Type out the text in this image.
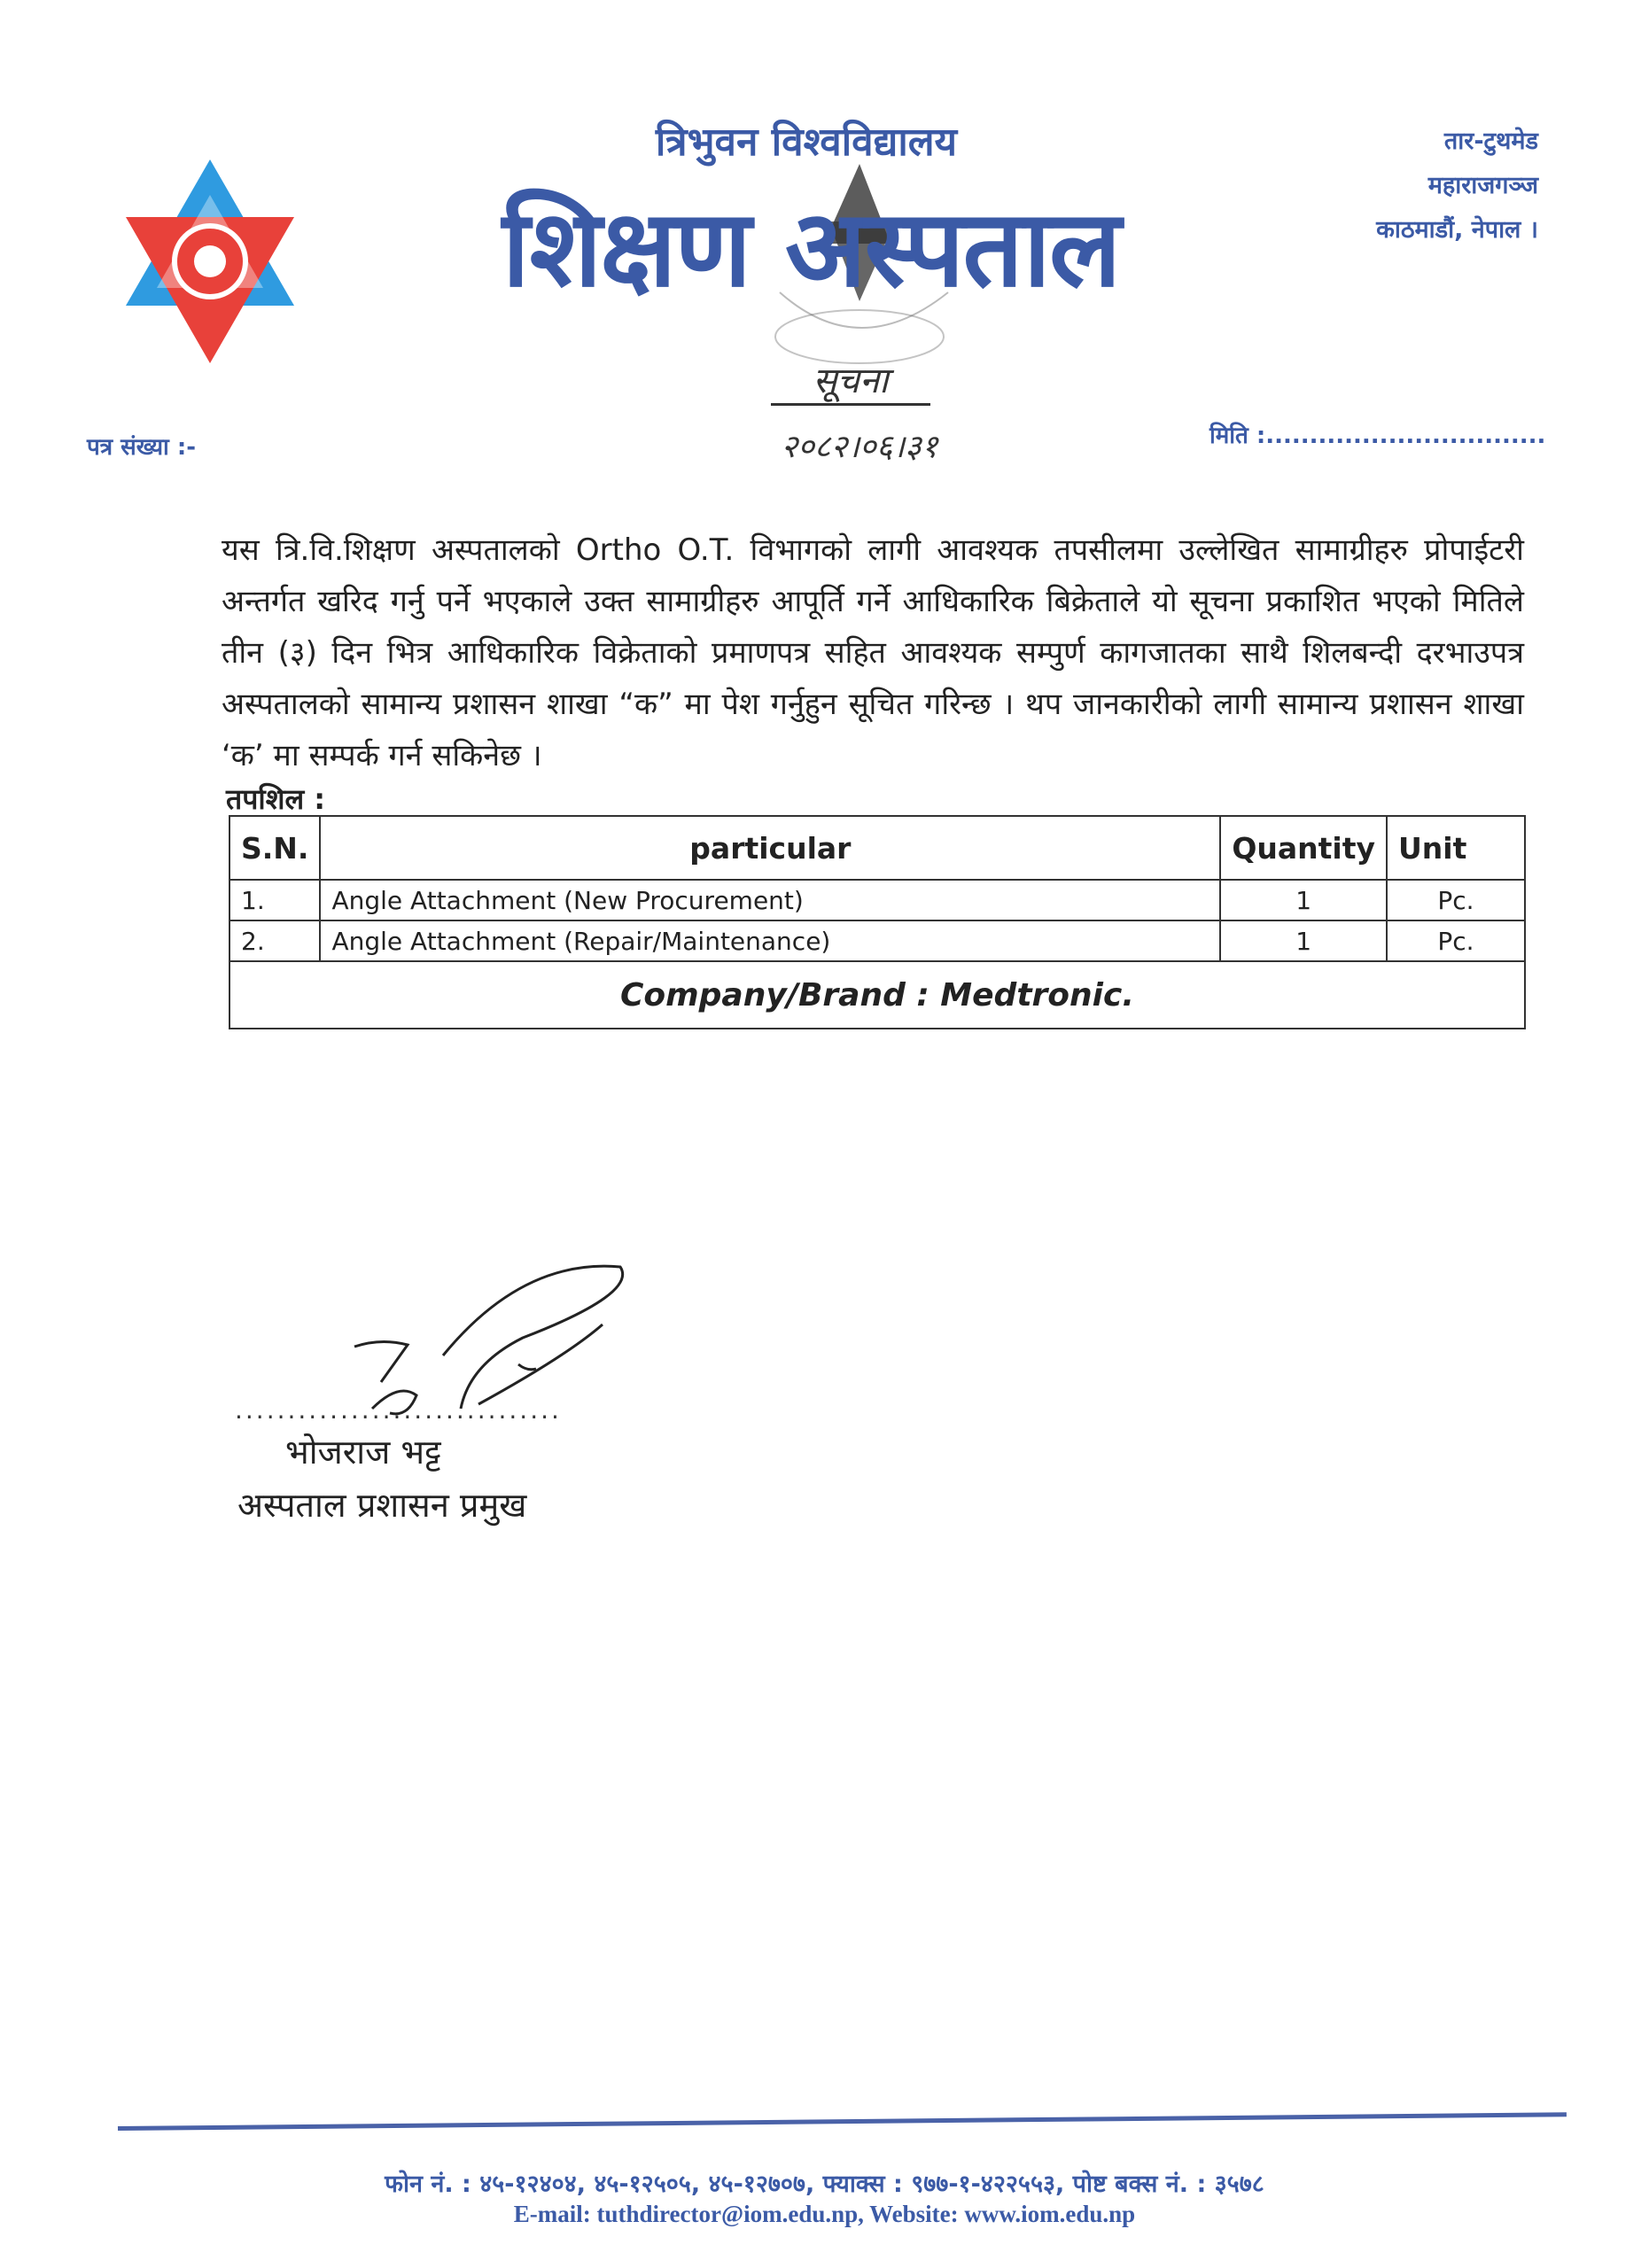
त्रिभुवन विश्वविद्यालय
शिक्षण अस्पताल
तार-टुथमेड
महाराजगञ्ज
काठमाडौं, नेपाल ।
सूचना
२०८२।०६।३१
पत्र संख्या :-	मिति :................................
यस त्रि.वि.शिक्षण अस्पतालको Ortho O.T. विभागको लागी आवश्यक तपसीलमा उल्लेखित सामाग्रीहरु प्रोपाईटरी अन्तर्गत खरिद गर्नु पर्ने भएकाले उक्त सामाग्रीहरु आपूर्ति गर्ने आधिकारिक बिक्रेताले यो सूचना प्रकाशित भएको मितिले तीन (३) दिन भित्र आधिकारिक विक्रेताको प्रमाणपत्र सहित आवश्यक सम्पुर्ण कागजातका साथै शिलबन्दी दरभाउपत्र अस्पतालको सामान्य प्रशासन शाखा “क” मा पेश गर्नुहुन सूचित गरिन्छ । थप जानकारीको लागी सामान्य प्रशासन शाखा ‘क’ मा सम्पर्क गर्न सकिनेछ ।
तपशिल :
S.N.	particular	Quantity	Unit
1.	Angle Attachment (New Procurement)	1	Pc.
2.	Angle Attachment (Repair/Maintenance)	1	Pc.
Company/Brand : Medtronic.			
...............................
भोजराज भट्ट
अस्पताल प्रशासन प्रमुख
फोन नं. : ४५-१२४०४, ४५-१२५०५, ४५-१२७०७, फ्याक्स : ९७७-१-४२२५५३, पोष्ट बक्स नं. : ३५७८
E-mail: tuthdirector@iom.edu.np, Website: www.iom.edu.np
